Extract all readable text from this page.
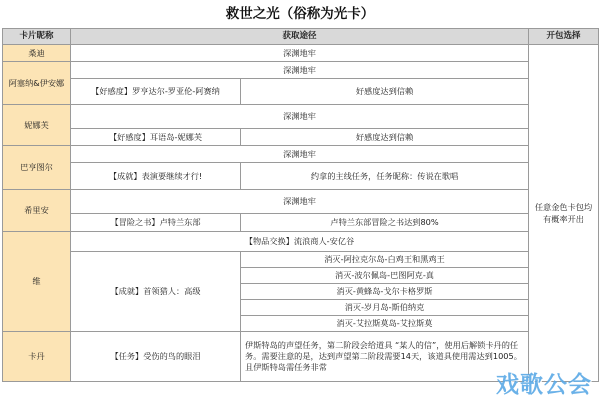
救世之光（俗称为光卡）
卡片昵称	获取途径		开包选择
桑迪	深渊地牢		任意金色卡包均有概率开出
阿塞纳&伊安娜	深渊地牢		
	【好感度】罗亨达尔-罗亚伦-阿赛纳	好感度达到信赖	
妮娜芙	深渊地牢		
	【好感度】耳语岛-妮娜芙	好感度达到信赖	
巴亨图尔	深渊地牢		
	【成就】表演要继续才行!	约拿的主线任务，任务昵称：传说在歌唱	
希里安	深渊地牢		
	【冒险之书】卢特兰东部	卢特兰东部冒险之书达到80%	
维	【物品交换】流浪商人-安亿谷		
	【成就】首领猎人：高级	消灭-阿拉克尔岛-白鸡王和黑鸡王	
		消灭-波尔佩岛-巴图阿克-真	
		消灭-黄蜂岛-戈尔卡格罗斯	
		消灭-岁月岛-斯伯纳克	
		消灭-艾拉斯莫岛-艾拉斯莫	
卡丹	【任务】受伤的鸟的眼泪	伊斯特岛的声望任务，第二阶段会给道具 “某人的信”，使用后解锁卡丹的任务。需要注意的是，达到声望第二阶段需要14天，该道具使用需达到1005。且伊斯特岛需任务非常	
戏歌公会
